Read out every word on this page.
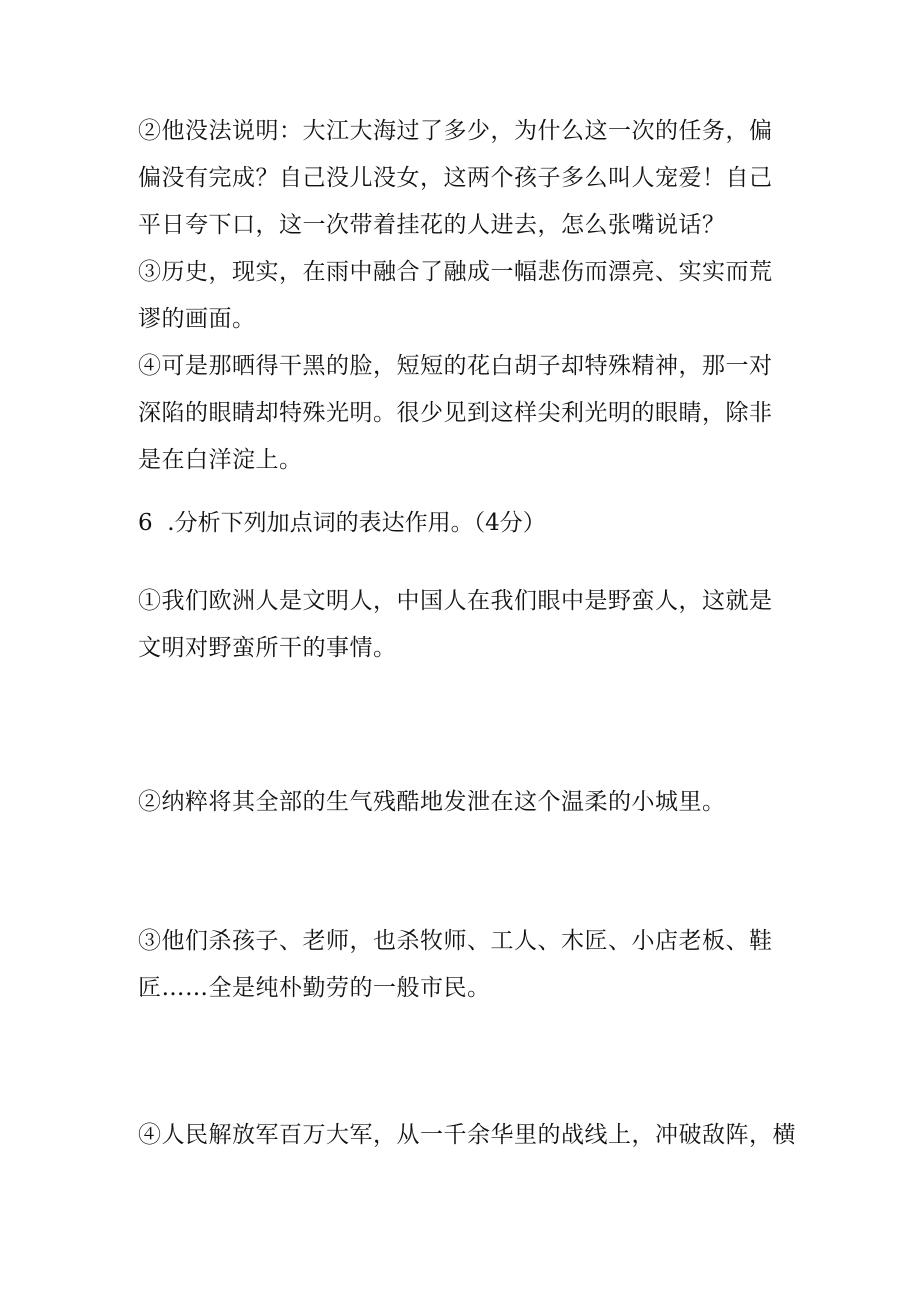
②他没法说明：大江大海过了多少，为什么这一次的任务，偏偏没有完成？自己没儿没女，这两个孩子多么叫人宠爱！自己平日夸下口，这一次带着挂花的人进去，怎么张嘴说话？

③历史，现实，在雨中融合了融成一幅悲伤而漂亮、实实而荒谬的画面。

④可是那晒得干黑的脸，短短的花白胡子却特殊精神，那一对深陷的眼睛却特殊光明。很少见到这样尖利光明的眼睛，除非是在白洋淀上。

6  .分析下列加点词的表达作用。（4分）

①我们欧洲人是文明人，中国人在我们眼中是野蛮人，这就是文明对野蛮所干的事情。

②纳粹将其全部的生气残酷地发泄在这个温柔的小城里。

③他们杀孩子、老师，也杀牧师、工人、木匠、小店老板、鞋匠……全是纯朴勤劳的一般市民。

④人民解放军百万大军，从一千余华里的战线上，冲破敌阵，横
